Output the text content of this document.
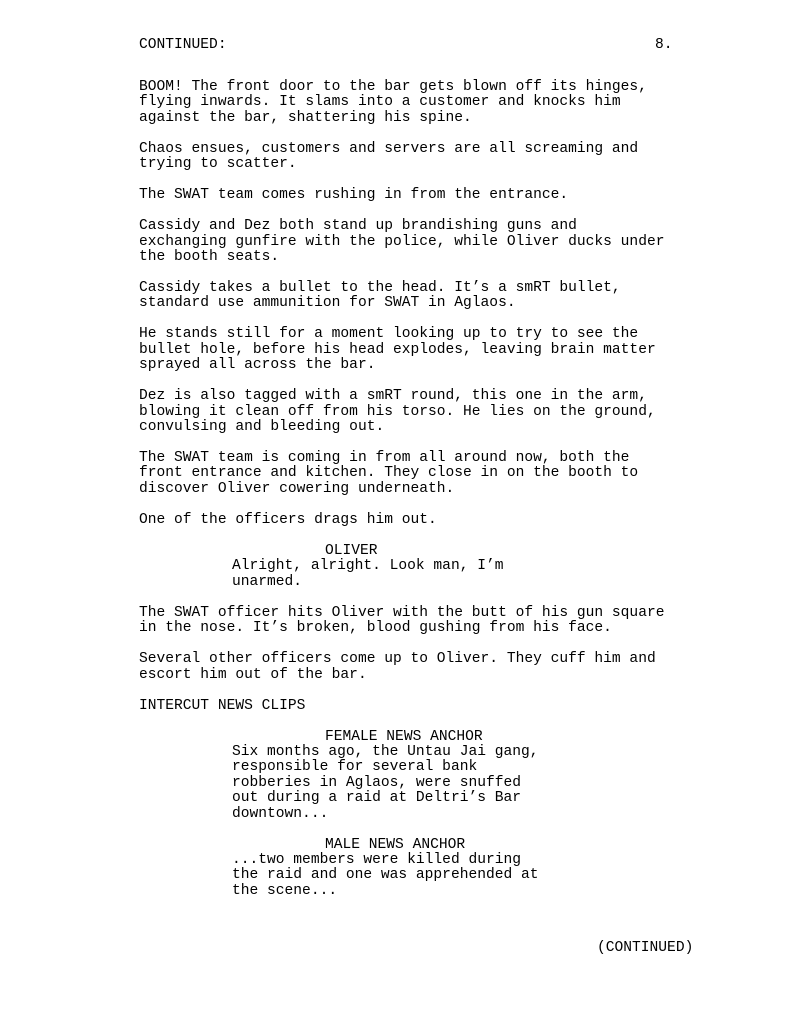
CONTINUED:	8.
BOOM! The front door to the bar gets blown off its hinges,
flying inwards. It slams into a customer and knocks him
against the bar, shattering his spine.
Chaos ensues, customers and servers are all screaming and
trying to scatter.
The SWAT team comes rushing in from the entrance.
Cassidy and Dez both stand up brandishing guns and
exchanging gunfire with the police, while Oliver ducks under
the booth seats.
Cassidy takes a bullet to the head. It’s a smRT bullet,
standard use ammunition for SWAT in Aglaos.
He stands still for a moment looking up to try to see the
bullet hole, before his head explodes, leaving brain matter
sprayed all across the bar.
Dez is also tagged with a smRT round, this one in the arm,
blowing it clean off from his torso. He lies on the ground,
convulsing and bleeding out.
The SWAT team is coming in from all around now, both the
front entrance and kitchen. They close in on the booth to
discover Oliver cowering underneath.
One of the officers drags him out.
OLIVER
Alright, alright. Look man, I’m
unarmed.
The SWAT officer hits Oliver with the butt of his gun square
in the nose. It’s broken, blood gushing from his face.
Several other officers come up to Oliver. They cuff him and
escort him out of the bar.
INTERCUT NEWS CLIPS
FEMALE NEWS ANCHOR
Six months ago, the Untau Jai gang,
responsible for several bank
robberies in Aglaos, were snuffed
out during a raid at Deltri’s Bar
downtown...
MALE NEWS ANCHOR
...two members were killed during
the raid and one was apprehended at
the scene...
(CONTINUED)
